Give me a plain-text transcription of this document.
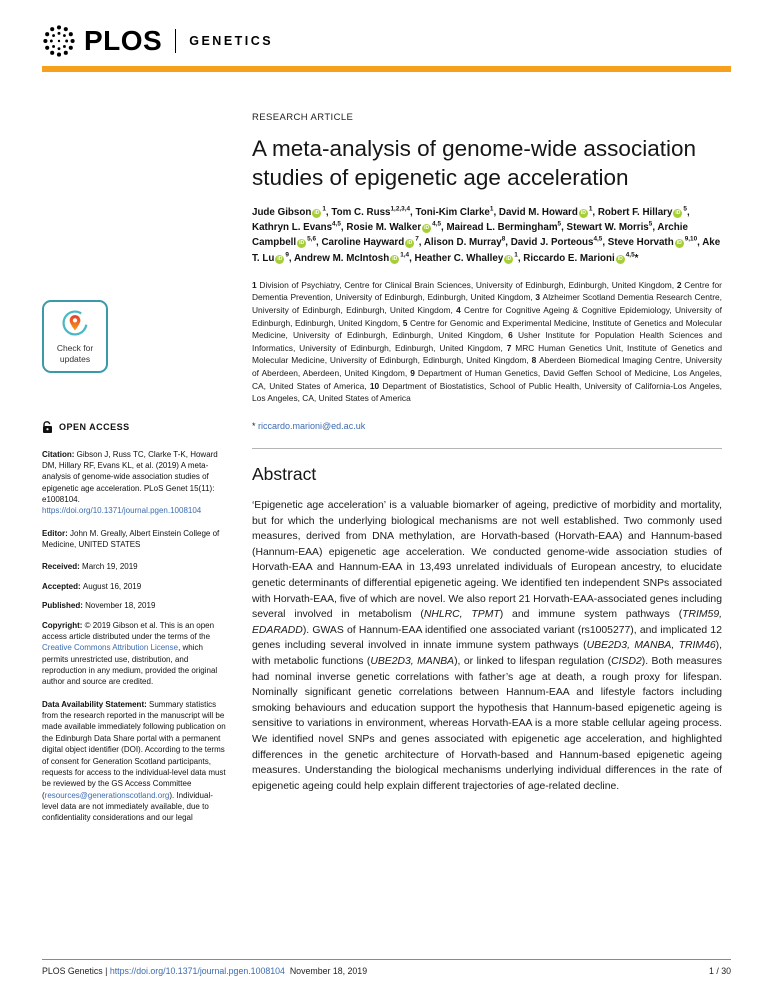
PLOS GENETICS
Check for
updates
OPEN ACCESS

Citation: Gibson J, Russ TC, Clarke T-K, Howard DM, Hillary RF, Evans KL, et al. (2019) A meta-analysis of genome-wide association studies of epigenetic age acceleration. PLoS Genet 15(11): e1008104. https://doi.org/10.1371/journal.pgen.1008104

Editor: John M. Greally, Albert Einstein College of Medicine, UNITED STATES

Received: March 19, 2019

Accepted: August 16, 2019

Published: November 18, 2019

Copyright: © 2019 Gibson et al. This is an open access article distributed under the terms of the Creative Commons Attribution License, which permits unrestricted use, distribution, and reproduction in any medium, provided the original author and source are credited.

Data Availability Statement: Summary statistics from the research reported in the manuscript will be made available immediately following publication on the Edinburgh Data Share portal with a permanent digital object identifier (DOI). According to the terms of consent for Generation Scotland participants, requests for access to the individual-level data must be reviewed by the GS Access Committee (resources@generationscotland.org). Individual-level data are not immediately available, due to confidentiality considerations and our legal

RESEARCH ARTICLE
A meta-analysis of genome-wide association studies of epigenetic age acceleration

Jude Gibson $iD^1$, Tom C. Russ$^{1,2,3,4}$, Toni-Kim Clarke$^1$, David M. Howard $iD^1$, Robert F. Hillary $iD^5$, Kathryn L. Evans$^{4,5}$, Rosie M. Walker iD$^{4,5}$, Mairead L. Bermingham$^5$, Stewart W. Morris$^5$, Archie Campbell iD$^{5,6}$, Caroline Hayward $iD^7$, Alison D. Murray$^8$, David J. Porteous$^{4,5}$, Steve Horvath iD$^{9,10}$, Ake T. Lu $iD^9$, Andrew M. McIntosh iD$^{1,4}$, Heather C. Whalley $iD^1$, Riccardo E. Marioni iD$^{4,5}$*

1 Division of Psychiatry, Centre for Clinical Brain Sciences, University of Edinburgh, Edinburgh, United Kingdom, 2 Centre for Dementia Prevention, University of Edinburgh, Edinburgh, United Kingdom, 3 Alzheimer Scotland Dementia Research Centre, University of Edinburgh, Edinburgh, United Kingdom, 4 Centre for Cognitive Ageing & Cognitive Epidemiology, University of Edinburgh, Edinburgh, United Kingdom, 5 Centre for Genomic and Experimental Medicine, Institute of Genetics and Molecular Medicine, University of Edinburgh, Edinburgh, United Kingdom, 6 Usher Institute for Population Health Sciences and Informatics, University of Edinburgh, Edinburgh, United Kingdom, 7 MRC Human Genetics Unit, Institute of Genetics and Molecular Medicine, University of Edinburgh, Edinburgh, United Kingdom, 8 Aberdeen Biomedical Imaging Centre, University of Aberdeen, Aberdeen, United Kingdom, 9 Department of Human Genetics, David Geffen School of Medicine, Los Angeles, CA, United States of America, 10 Department of Biostatistics, School of Public Health, University of California-Los Angeles, Los Angeles, CA, United States of America

* riccardo.marioni@ed.ac.uk

Abstract

‘Epigenetic age acceleration’ is a valuable biomarker of ageing, predictive of morbidity and mortality, but for which the underlying biological mechanisms are not well established. Two commonly used measures, derived from DNA methylation, are Horvath-based (Horvath-EAA) and Hannum-based (Hannum-EAA) epigenetic age acceleration. We conducted genome-wide association studies of Horvath-EAA and Hannum-EAA in 13,493 unrelated individuals of European ancestry, to elucidate genetic determinants of differential epigenetic ageing. We identified ten independent SNPs associated with Horvath-EAA, five of which are novel. We also report 21 Horvath-EAA-associated genes including several involved in metabolism (NHLRC, TPMT) and immune system pathways (TRIM59, EDARADD). GWAS of Hannum-EAA identified one associated variant (rs1005277), and implicated 12 genes including several involved in innate immune system pathways (UBE2D3, MANBA, TRIM46), with metabolic functions (UBE2D3, MANBA), or linked to lifespan regulation (CISD2). Both measures had nominal inverse genetic correlations with father’s age at death, a rough proxy for lifespan. Nominally significant genetic correlations between Hannum-EAA and lifestyle factors including smoking behaviours and education support the hypothesis that Hannum-based epigenetic ageing is sensitive to variations in environment, whereas Horvath-EAA is a more stable cellular ageing process. We identified novel SNPs and genes associated with epigenetic age acceleration, and highlighted differences in the genetic architecture of Horvath-based and Hannum-based epigenetic ageing measures. Understanding the biological mechanisms underlying individual differences in the rate of epigenetic ageing could help explain different trajectories of age-related decline.

PLOS Genetics | https://doi.org/10.1371/journal.pgen.1008104  November 18, 2019	1 / 30
